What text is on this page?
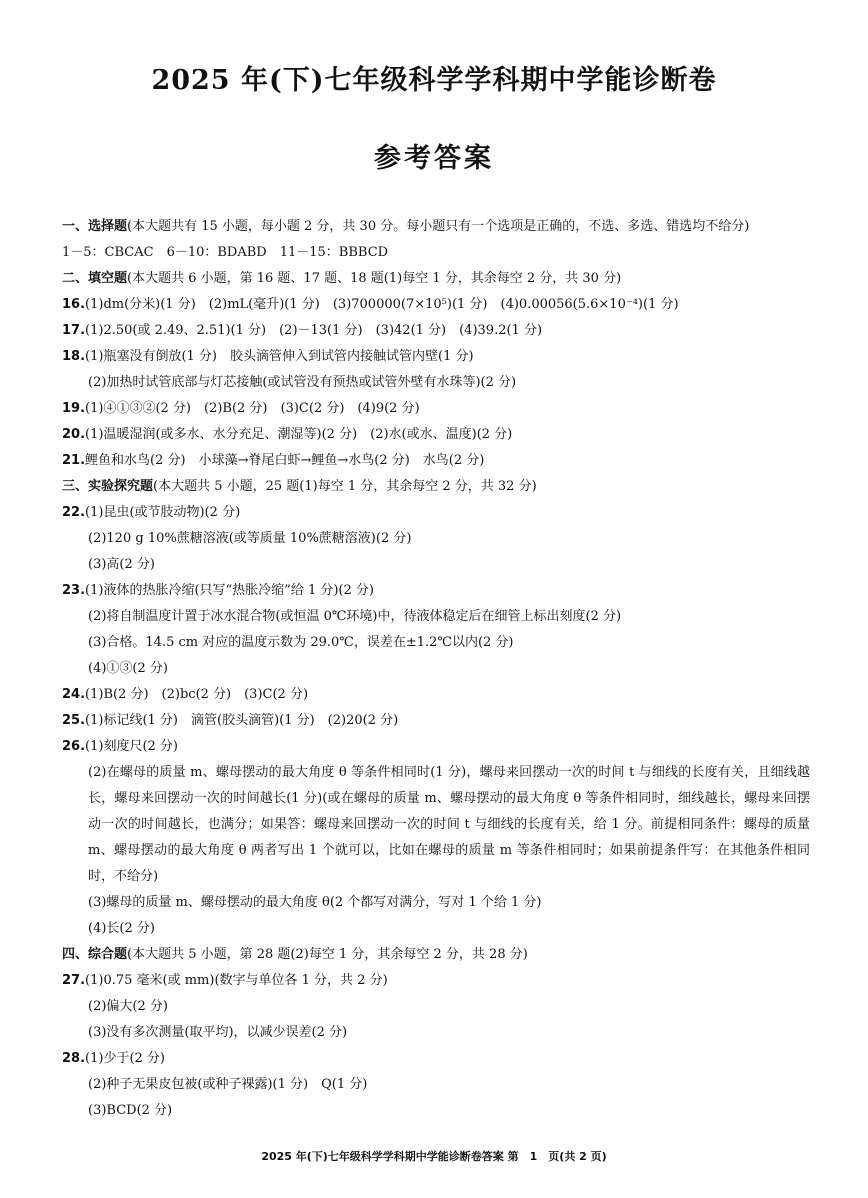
2025 年(下)七年级科学学科期中学能诊断卷
参考答案
一、选择题(本大题共有 15 小题，每小题 2 分，共 30 分。每小题只有一个选项是正确的，不选、多选、错选均不给分)
1－5：CBCAC　6－10：BDABD　11－15：BBBCD
二、填空题(本大题共 6 小题，第 16 题、17 题、18 题(1)每空 1 分，其余每空 2 分，共 30 分)
16.(1)dm(分米)(1 分)　(2)mL(毫升)(1 分)　(3)700000(7×10⁵)(1 分)　(4)0.00056(5.6×10⁻⁴)(1 分)
17.(1)2.50(或 2.49、2.51)(1 分)　(2)－13(1 分)　(3)42(1 分)　(4)39.2(1 分)
18.(1)瓶塞没有倒放(1 分)　胶头滴管伸入到试管内接触试管内壁(1 分)
(2)加热时试管底部与灯芯接触(或试管没有预热或试管外壁有水珠等)(2 分)
19.(1)④①③②(2 分)　(2)B(2 分)　(3)C(2 分)　(4)9(2 分)
20.(1)温暖湿润(或多水、水分充足、潮湿等)(2 分)　(2)水(或水、温度)(2 分)
21.鲤鱼和水鸟(2 分)　小球藻→脊尾白虾→鲤鱼→水鸟(2 分)　水鸟(2 分)
三、实验探究题(本大题共 5 小题，25 题(1)每空 1 分，其余每空 2 分，共 32 分)
22.(1)昆虫(或节肢动物)(2 分)
(2)120 g 10%蔗糖溶液(或等质量 10%蔗糖溶液)(2 分)
(3)高(2 分)
23.(1)液体的热胀冷缩(只写“热胀冷缩”给 1 分)(2 分)
(2)将自制温度计置于冰水混合物(或恒温 0℃环境)中，待液体稳定后在细管上标出刻度(2 分)
(3)合格。14.5 cm 对应的温度示数为 29.0℃，误差在±1.2℃以内(2 分)
(4)①③(2 分)
24.(1)B(2 分)　(2)bc(2 分)　(3)C(2 分)
25.(1)标记线(1 分)　滴管(胶头滴管)(1 分)　(2)20(2 分)
26.(1)刻度尺(2 分)
(2)在螺母的质量 m、螺母摆动的最大角度 θ 等条件相同时(1 分)，螺母来回摆动一次的时间 t 与细线的长度有关，且细线越长，螺母来回摆动一次的时间越长(1 分)(或在螺母的质量 m、螺母摆动的最大角度 θ 等条件相同时，细线越长，螺母来回摆动一次的时间越长，也满分；如果答：螺母来回摆动一次的时间 t 与细线的长度有关，给 1 分。前提相同条件：螺母的质量 m、螺母摆动的最大角度 θ 两者写出 1 个就可以，比如在螺母的质量 m 等条件相同时；如果前提条件写：在其他条件相同时，不给分)
(3)螺母的质量 m、螺母摆动的最大角度 θ(2 个都写对满分，写对 1 个给 1 分)
(4)长(2 分)
四、综合题(本大题共 5 小题，第 28 题(2)每空 1 分，其余每空 2 分，共 28 分)
27.(1)0.75 毫米(或 mm)(数字与单位各 1 分，共 2 分)
(2)偏大(2 分)
(3)没有多次测量(取平均)，以减少误差(2 分)
28.(1)少于(2 分)
(2)种子无果皮包被(或种子裸露)(1 分)　Q(1 分)
(3)BCD(2 分)
2025 年(下)七年级科学学科期中学能诊断卷答案 第　1　页(共 2 页)
